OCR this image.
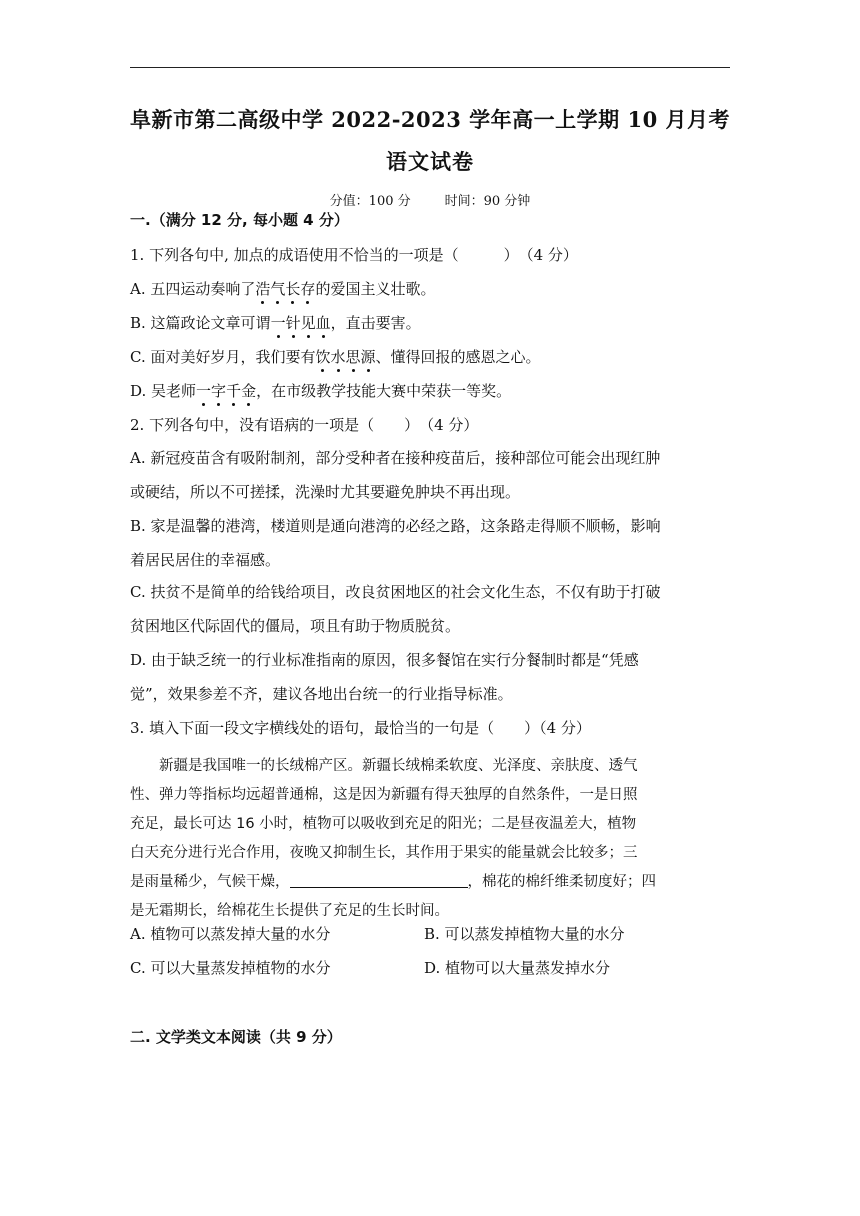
阜新市第二高级中学 2022-2023 学年高一上学期 10 月月考
语文试卷
分值：100 分	时间：90 分钟
一.（满分 12 分, 每小题 4 分）
1. 下列各句中, 加点的成语使用不恰当的一项是（　　　）　（4 分）
A. 五四运动奏响了浩气长存的爱国主义壮歌。
B. 这篇政论文章可谓一针见血，直击要害。
C. 面对美好岁月，我们要有饮水思源、懂得回报的感恩之心。
D. 吴老师一字千金，在市级教学技能大赛中荣获一等奖。
2. 下列各句中，没有语病的一项是（　　）　（4 分）
A. 新冠疫苗含有吸附制剂，部分受种者在接种疫苗后，接种部位可能会出现红肿
或硬结，所以不可搓揉，洗澡时尤其要避免肿块不再出现。
B. 家是温馨的港湾，楼道则是通向港湾的必经之路，这条路走得顺不顺畅，影响
着居民居住的幸福感。
C. 扶贫不是简单的给钱给项目，改良贫困地区的社会文化生态，不仅有助于打破
贫困地区代际固代的僵局，项且有助于物质脱贫。
D. 由于缺乏统一的行业标准指南的原因，很多餐馆在实行分餐制时都是“凭感
觉”，效果参差不齐，建议各地出台统一的行业指导标准。
3. 填入下面一段文字横线处的语句，最恰当的一句是（　　）（4 分）
　　新疆是我国唯一的长绒棉产区。新疆长绒棉柔软度、光泽度、亲肤度、透气
性、弹力等指标均远超普通棉，这是因为新疆有得天独厚的自然条件，一是日照
充足，最长可达 16 小时，植物可以吸收到充足的阳光；二是昼夜温差大，植物
白天充分进行光合作用，夜晚又抑制生长，其作用于果实的能量就会比较多；三
是雨量稀少，气候干燥，	，棉花的棉纤维柔韧度好；四
是无霜期长，给棉花生长提供了充足的生长时间。
A. 植物可以蒸发掉大量的水分	B. 可以蒸发掉植物大量的水分
C. 可以大量蒸发掉植物的水分	D. 植物可以大量蒸发掉水分
二. 文学类文本阅读（共 9 分）
